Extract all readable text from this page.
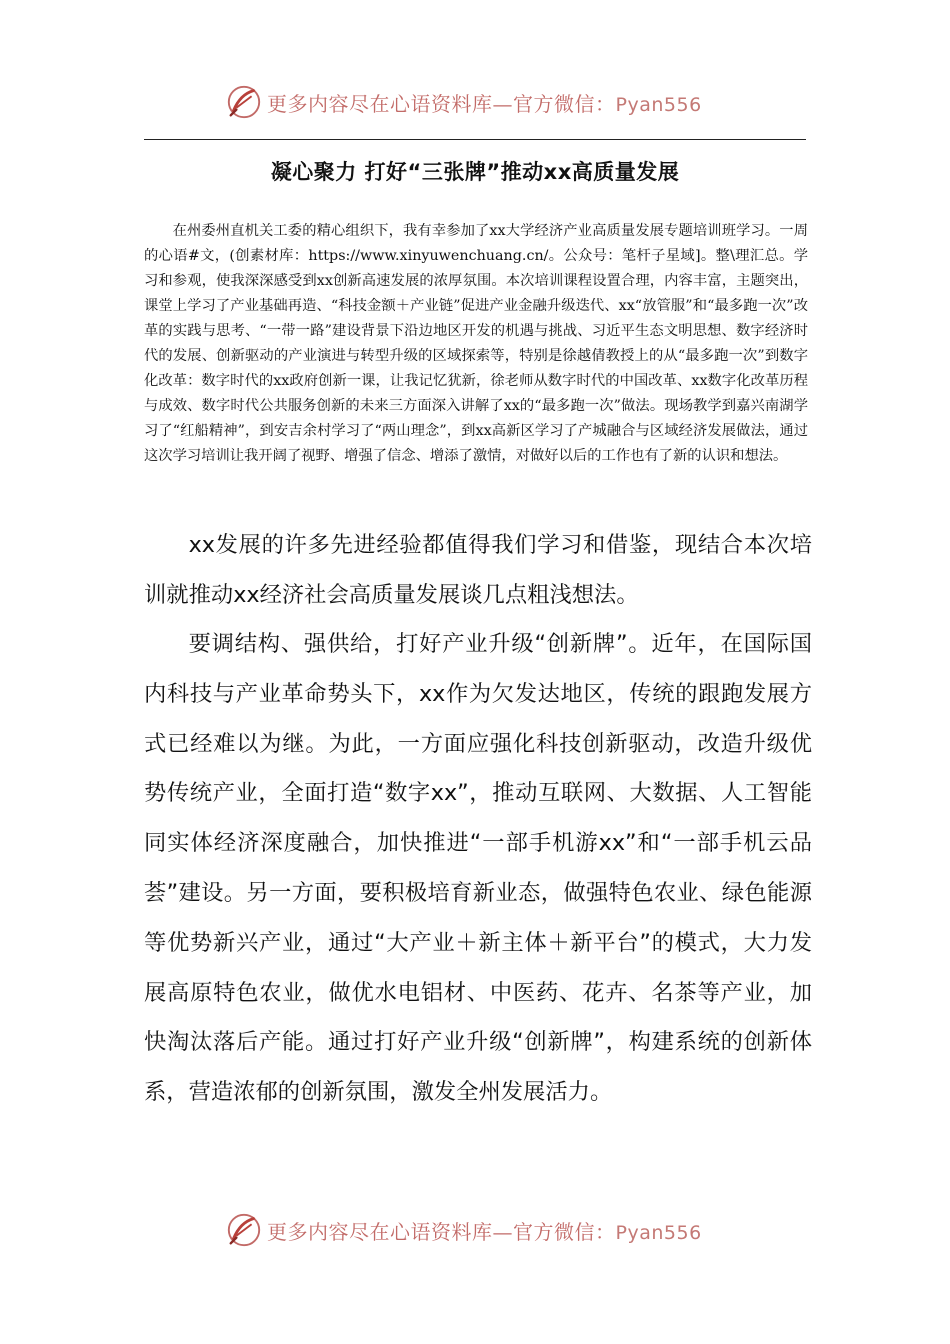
更多内容尽在心语资料库—官方微信：Pyan556
凝心聚力 打好“三张牌”推动xx高质量发展

在州委州直机关工委的精心组织下，我有幸参加了xx大学经济产业高质量发展专题培训班学习。一周的心语#文，(创素材库：https://www.xinyuwenchuang.cn/。公众号：笔杆子星域]。整\理汇总。学习和参观，使我深深感受到xx创新高速发展的浓厚氛围。本次培训课程设置合理，内容丰富，主题突出，课堂上学习了产业基础再造、“科技金额＋产业链”促进产业金融升级迭代、xx“放管服”和“最多跑一次”改革的实践与思考、“一带一路”建设背景下沿边地区开发的机遇与挑战、习近平生态文明思想、数字经济时代的发展、创新驱动的产业演进与转型升级的区域探索等，特别是徐越倩教授上的从“最多跑一次”到数字化改革：数字时代的xx政府创新一课，让我记忆犹新，徐老师从数字时代的中国改革、xx数字化改革历程与成效、数字时代公共服务创新的未来三方面深入讲解了xx的“最多跑一次”做法。现场教学到嘉兴南湖学习了“红船精神”，到安吉余村学习了“两山理念”，到xx高新区学习了产城融合与区域经济发展做法，通过这次学习培训让我开阔了视野、增强了信念、增添了激情，对做好以后的工作也有了新的认识和想法。

xx发展的许多先进经验都值得我们学习和借鉴，现结合本次培训就推动xx经济社会高质量发展谈几点粗浅想法。

要调结构、强供给，打好产业升级“创新牌”。近年，在国际国内科技与产业革命势头下，xx作为欠发达地区，传统的跟跑发展方式已经难以为继。为此，一方面应强化科技创新驱动，改造升级优势传统产业，全面打造“数字xx”，推动互联网、大数据、人工智能同实体经济深度融合，加快推进“一部手机游xx”和“一部手机云品荟”建设。另一方面，要积极培育新业态，做强特色农业、绿色能源等优势新兴产业，通过“大产业＋新主体＋新平台”的模式，大力发展高原特色农业，做优水电铝材、中医药、花卉、名茶等产业，加快淘汰落后产能。通过打好产业升级“创新牌”，构建系统的创新体系，营造浓郁的创新氛围，激发全州发展活力。

更多内容尽在心语资料库—官方微信：Pyan556
